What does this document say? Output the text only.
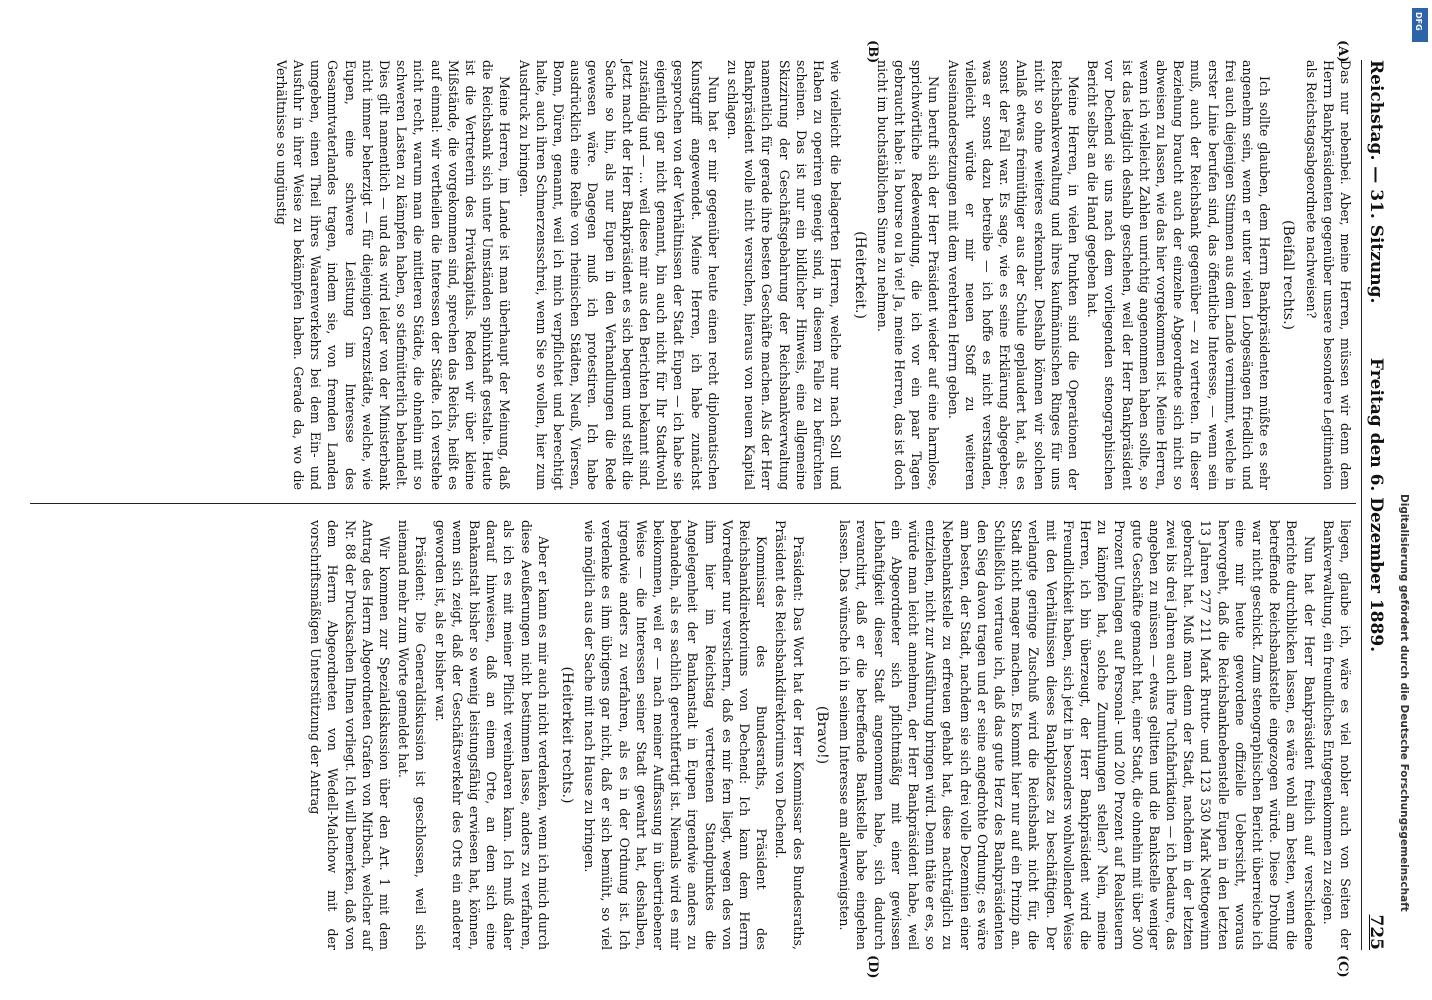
Reichstag. — 31. Sitzung.
Freitag den 6. Dezember 1889.
725
(A)
(B)
(C)
(D)

Das nur nebenbei. Aber, meine Herren, müssen wir denn dem Herrn Bankpräsidenten gegenüber unsere besondere Legitimation als Reichstagsabgeordnete nachweisen?

(Beifall rechts.)

Ich sollte glauben, dem Herrn Bankpräsidenten müßte es sehr angenehm sein, wenn er unter vielen Lobgesängen friedlich und frei auch diejenigen Stimmen aus dem Lande vernimmt, welche in erster Linie berufen sind, das öffentliche Interesse, — wenn sein muß, auch der Reichsbank gegenüber — zu vertreten. In dieser Beziehung braucht auch der einzelne Abgeordnete sich nicht so abweisen zu lassen, wie das hier vorgekommen ist. Meine Herren, wenn ich vielleicht Zahlen unrichtig angenommen haben sollte, so ist das lediglich deshalb geschehen, weil der Herr Bankpräsident vor Dechend sie uns nach dem vorliegenden stenographischen Bericht selbst an die Hand gegeben hat.

Meine Herren, in vielen Punkten sind die Operationen der Reichsbankverwaltung und ihres kaufmännischen Ringes für uns nicht so ohne weiteres erkennbar. Deshalb können wir solchen Anlaß etwas freimüthiger aus der Schule geplaudert hat, als es sonst der Fall war. Es sage, wie es seine Erklärung abgegeben; was er sonst dazu betreibe — ich hoffe es nicht verstanden, vielleicht würde er mir neuen Stoff zu weiteren Auseinandersetzungen mit dem verehrten Herrn geben.

Nun beruft sich der Herr Präsident wieder auf eine harmlose, sprichwörtliche Redewendung, die ich vor ein paar Tagen gebraucht habe: la bourse ou la vie! Ja, meine Herren, das ist doch nicht im buchstäblichen Sinne zu nehmen.

(Heiterkeit.)

wie vielleicht die belagerten Herren, welche nur nach Soll und Haben zu operiren geneigt sind, in diesem Falle zu befürchten scheinen. Das ist nur ein bildlicher Hinweis, eine allgemeine Skizzirung der Geschäftsgebahrung der Reichsbankverwaltung namentlich für gerade ihre besten Geschäfte machen. Als der Herr Bankpräsident wolle nicht versuchen, hieraus von neuem Kapital zu schlagen.

Nun hat er mir gegenüber heute einen recht diplomatischen Kunstgriff angewendet. Meine Herren, ich habe zunächst gesprochen von der Verhältnissen der Stadt Eupen — ich habe sie eigentlich gar nicht genannt, bin auch nicht für Ihr Stadtwohl zuständig und — ... weil diese mir aus den Berichten bekannt sind. Jetzt macht der Herr Bankpräsident es sich bequem und stellt die Sache so hin, als nur Eupen in den Verhandlungen die Rede gewesen wäre. Dagegen muß ich protestiren. Ich habe ausdrücklich eine Reihe von rheinischen Städten, Neuß, Viersen, Bonn, Düren, genannt, weil ich mich verpflichtet und berechtigt halte, auch ihren Schmerzensschrei, wenn Sie so wollen, hier zum Ausdruck zu bringen.

Meine Herren, im Lande ist man überhaupt der Meinung, daß die Reichsbank sich unter Umständen sphinxhaft gestalte. Heute ist die Vertreterin des Privatkapitals. Reden wir über kleine Mißstände, die vorgekommen sind, sprechen das Reichs, heißt es auf einmal: wir vertheilen die Interessen der Städte. Ich verstehe nicht recht, warum man die mittleren Städte, die ohnehin mit so schweren Lasten zu kämpfen haben, so stiefmütterlich behandelt. Dies gilt namentlich — und das wird leider von der Ministerbank nicht immer beherzigt — für diejenigen Grenzstädte, welche, wie Eupen, eine schwere Leistung im Interesse des Gesammtvaterlandes tragen, indem sie, von fremden Landen umgeben, einen Theil ihres Waarenverkehrs bei dem Ein- und Ausfuhr in ihrer Weise zu bekämpfen haben. Gerade da, wo die Verhältnisse so ungünstig

liegen, glaube ich, wäre es viel nobler auch von Seiten der Bankverwaltung, ein freundliches Entgegenkommen zu zeigen.

Nun hat der Herr Bankpräsident freilich auf verschiedene Berichte durchblicken lassen, es wäre wohl am besten, wenn die betreffende Reichsbankstelle eingezogen würde. Diese Drohung war nicht geschickt. Zum stenographischen Bericht überreiche ich eine mir heute gewordene offizielle Uebersicht, woraus hervorgeht, daß die Reichsbanknebenstelle Eupen in den letzten 13 Jahren 277 211 Mark Brutto- und 123 530 Mark Nettogewinn gebracht hat. Muß man denn der Stadt, nachdem in der letzten zwei bis drei Jahren auch ihre Tuchfabrikation — ich bedaure, das angeben zu müssen — etwas gelitten und die Bankstelle weniger gute Geschäfte gemacht hat, einer Stadt, die ohnehin mit über 300 Prozent Umlagen auf Personal- und 200 Prozent auf Realsteuern zu kämpfen hat, solche Zumuthungen stellen? Nein, meine Herren, ich bin überzeugt, der Herr Bankpräsident wird die Freundlichkeit haben, sich jetzt in besonders wohlwollender Weise mit den Verhältnissen dieses Bankplatzes zu beschäftigen. Der verlangte geringe Zuschuß wird die Reichsbank nicht für, die Stadt nicht mager machen. Es kommt hier nur auf ein Prinzip an. Schließlich vertraue ich, daß das gute Herz des Bankpräsidenten den Sieg davon tragen und er seine angedrohte Ordnung; es wäre am besten, der Stadt, nachdem sie sich drei volle Dezennien einer Nebenbankstelle zu erfreuen gehabt hat, diese nachträglich zu entziehen, nicht zur Ausführung bringen wird. Denn thäte er es, so würde man leicht annehmen, der Herr Bankpräsident habe, weil ein Abgeordneter sich pflichtmäßig mit einer gewissen Lebhaftigkeit dieser Stadt angenommen habe, sich dadurch revanchirt, daß er die betreffende Bankstelle habe eingehen lassen. Das wünsche ich in seinem Interesse am allerwenigsten.

(Bravo!)

Präsident: Das Wort hat der Herr Kommissar des Bundesraths, Präsident des Reichsbankdirektoriums von Dechend.

Kommissar des Bundesraths, Präsident des Reichsbankdirektoriums von Dechend: Ich kann dem Herrn Vorredner nur versichern, daß es mir fern liegt, wegen des von ihm hier im Reichstag vertretenen Standpunktes die Angelegenheit der Bankanstalt in Eupen irgendwie anders zu behandeln, als es sachlich gerechtfertigt ist. Niemals wird es mir beikommen, weil er — nach meiner Auffassung in übertriebener Weise — die Interessen seiner Stadt gewahrt hat, deshalben, irgendwie anders zu verfahren, als es in der Ordnung ist. Ich verdenke es ihm übrigens gar nicht, daß er sich bemüht, so viel wie möglich aus der Sache mit nach Hause zu bringen.

(Heiterkeit rechts.)

Aber er kann es mir auch nicht verdenken, wenn ich mich durch diese Aeußerungen nicht bestimmen lasse, anders zu verfahren, als ich es mit meiner Pflicht vereinbaren kann. Ich muß daher darauf hinweisen, daß an einem Orte, an dem sich eine Bankanstalt bisher so wenig leistungsfähig erwiesen hat, können, wenn sich zeigt, daß der Geschäftsverkehr des Orts ein anderer geworden ist, als er bisher war.

Präsident: Die Generaldiskussion ist geschlossen, weil sich niemand mehr zum Worte gemeldet hat.

Wir kommen zur Spezialdiskussion über den Art. 1 mit dem Antrag des Herrn Abgeordneten Grafen von Mirbach, welcher auf Nr. 88 der Drucksachen Ihnen vorliegt. Ich will bemerken, daß von dem Herrn Abgeordneten von Wedell-Malchow mit der vorschriftsmäßigen Unterstützung der Antrag

DFG
Digitalisierung gefördert durch die Deutsche Forschungsgemeinschaft
